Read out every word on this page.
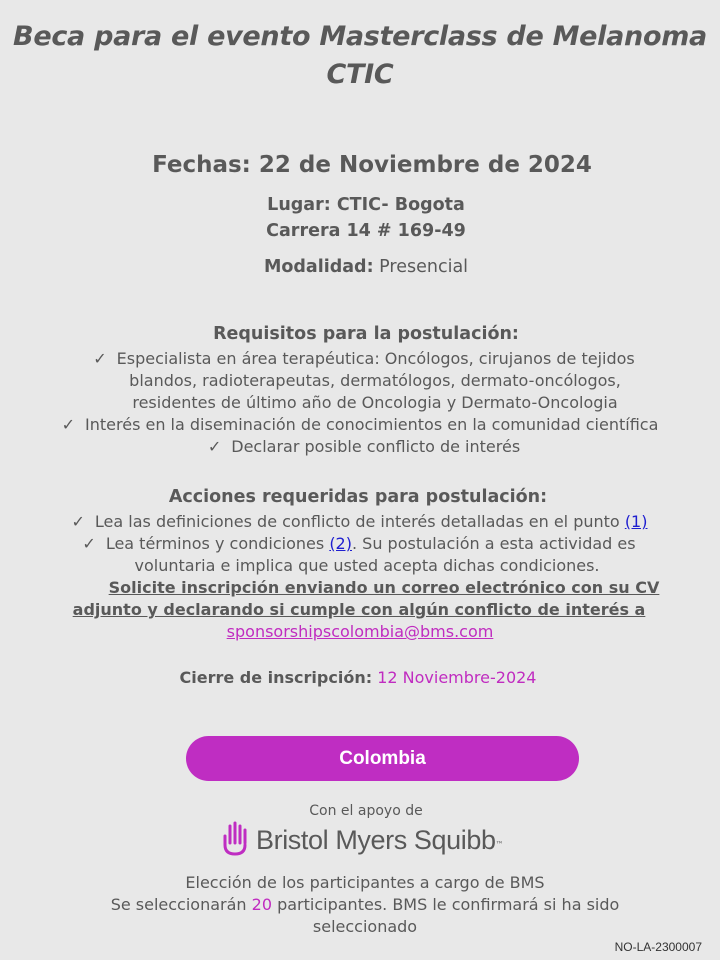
Beca para el evento Masterclass de Melanoma
CTIC
Fechas: 22 de Noviembre de 2024
Lugar: CTIC- Bogota
Carrera 14 # 169-49
Modalidad: Presencial
Requisitos para la postulación:
✓ Especialista en área terapéutica: Oncólogos, cirujanos de tejidos
blandos, radioterapeutas, dermatólogos, dermato-oncólogos,
residentes de último año de Oncologia y Dermato-Oncologia
✓ Interés en la diseminación de conocimientos en la comunidad científica
✓ Declarar posible conflicto de interés
Acciones requeridas para postulación:
✓ Lea las definiciones de conflicto de interés detalladas en el punto (1)
✓ Lea términos y condiciones (2). Su postulación a esta actividad es
voluntaria e implica que usted acepta dichas condiciones.
Solicite inscripción enviando un correo electrónico con su CV
adjunto y declarando si cumple con algún conflicto de interés a
sponsorshipscolombia@bms.com
Cierre de inscripción: 12 Noviembre-2024
Colombia
Con el apoyo de
Bristol Myers Squibb ™
Elección de los participantes a cargo de BMS
Se seleccionarán 20 participantes. BMS le confirmará si ha sido
seleccionado
NO-LA-2300007
